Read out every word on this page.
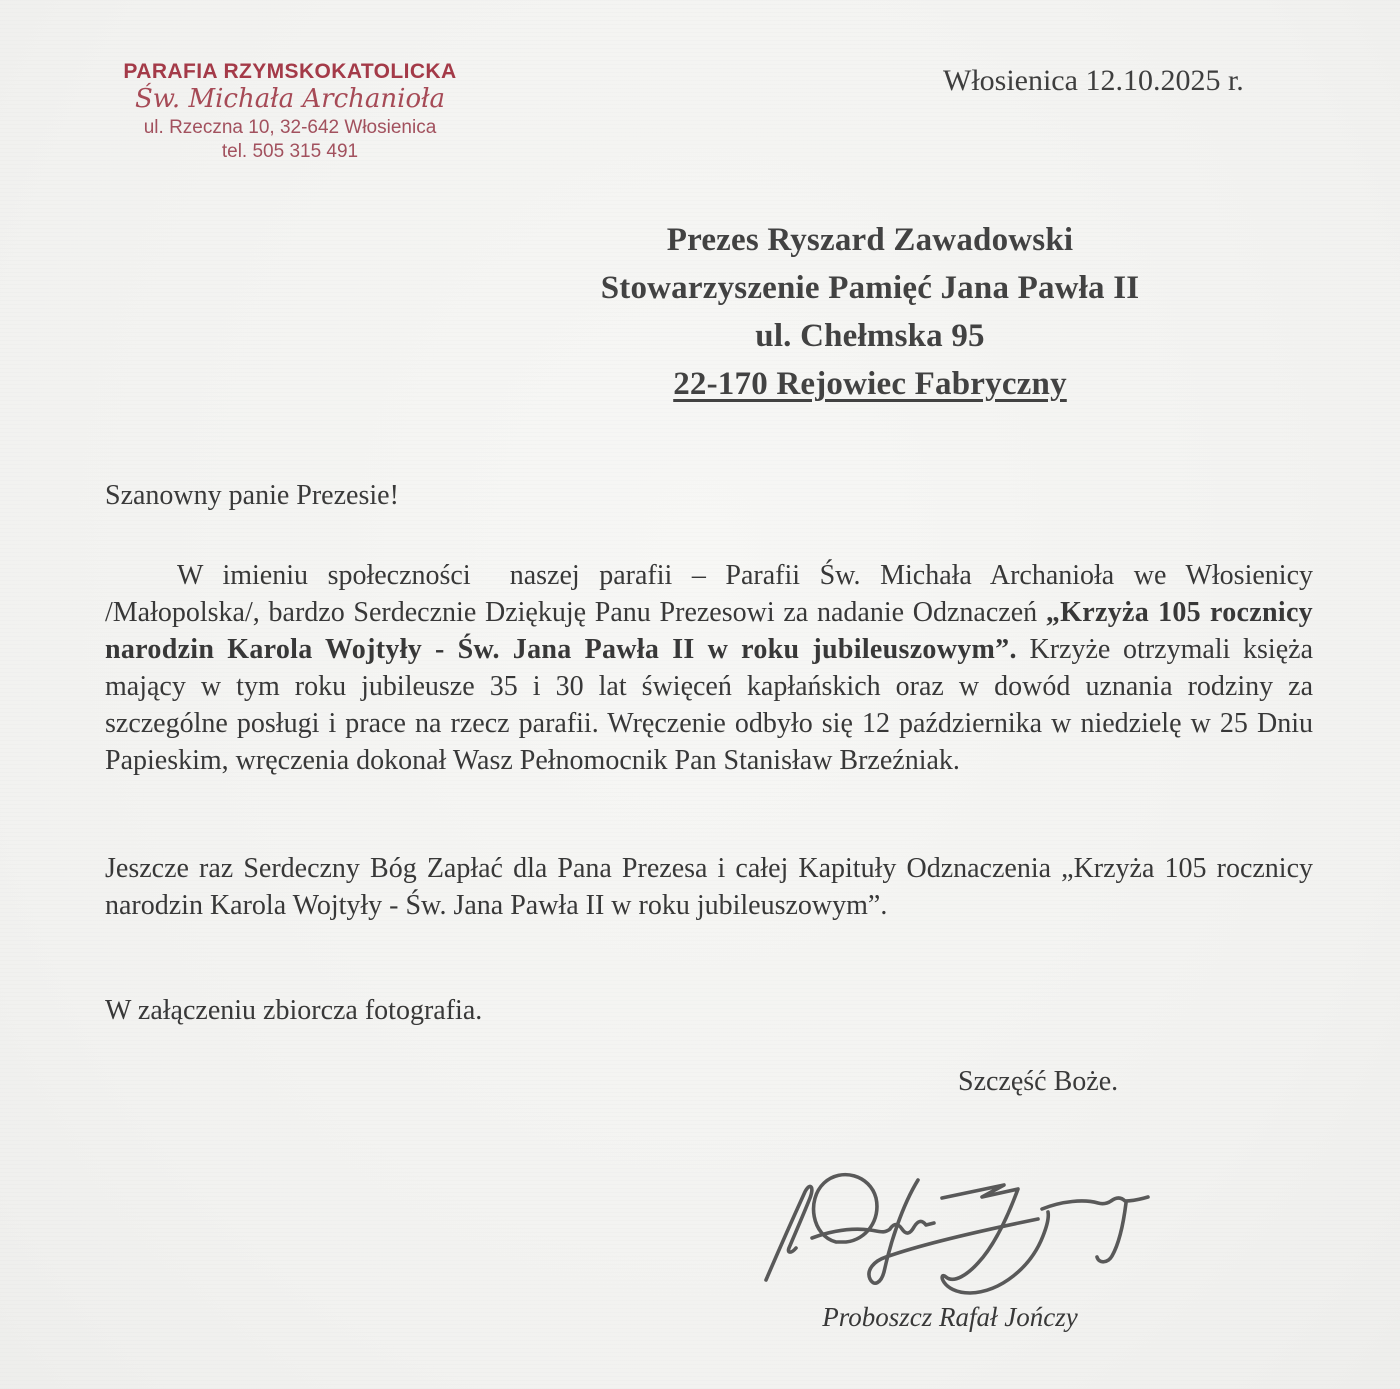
PARAFIA RZYMSKOKATOLICKA
Św. Michała Archanioła
ul. Rzeczna 10, 32-642 Włosienica
tel. 505 315 491
Włosienica 12.10.2025 r.
Prezes Ryszard Zawadowski
Stowarzyszenie Pamięć Jana Pawła II
ul. Chełmska 95
22-170 Rejowiec Fabryczny

Szanowny panie Prezesie!

W imieniu społeczności  naszej parafii – Parafii Św. Michała Archanioła we Włosienicy /Małopolska/, bardzo Serdecznie Dziękuję Panu Prezesowi za nadanie Odznaczeń „Krzyża 105 rocznicy narodzin Karola Wojtyły - Św. Jana Pawła II w roku jubileuszowym”. Krzyże otrzymali księża mający w tym roku jubileusze 35 i 30 lat święceń kapłańskich oraz w dowód uznania rodziny za szczególne posługi i prace na rzecz parafii. Wręczenie odbyło się 12 października w niedzielę w 25 Dniu Papieskim, wręczenia dokonał Wasz Pełnomocnik Pan Stanisław Brzeźniak.

Jeszcze raz Serdeczny Bóg Zapłać dla Pana Prezesa i całej Kapituły Odznaczenia „Krzyża 105 rocznicy narodzin Karola Wojtyły - Św. Jana Pawła II w roku jubileuszowym”.

W załączeniu zbiorcza fotografia.

Szczęść Boże.
Proboszcz Rafał Jończy
